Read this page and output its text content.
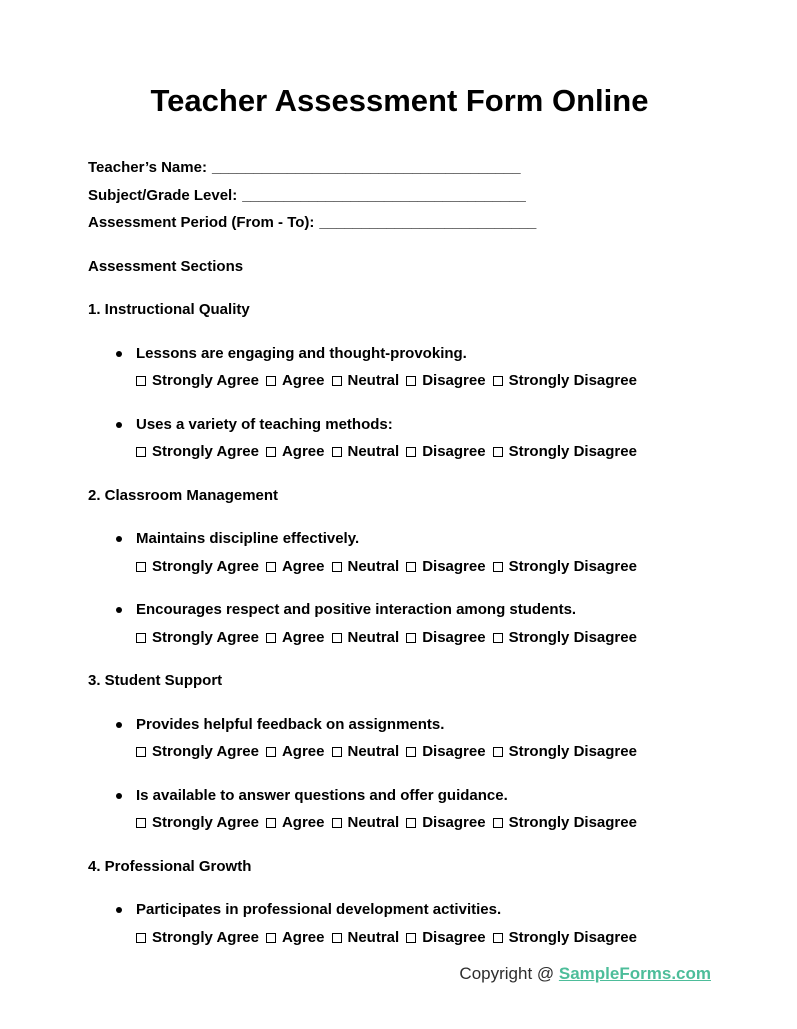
Teacher Assessment Form Online
Teacher’s Name: _____________________________________
Subject/Grade Level: __________________________________
Assessment Period (From - To): __________________________

Assessment Sections

1. Instructional Quality

Lessons are engaging and thought-provoking.
Strongly Agree Agree Neutral Disagree Strongly Disagree
Uses a variety of teaching methods:
Strongly Agree Agree Neutral Disagree Strongly Disagree

2. Classroom Management

Maintains discipline effectively.
Strongly Agree Agree Neutral Disagree Strongly Disagree
Encourages respect and positive interaction among students.
Strongly Agree Agree Neutral Disagree Strongly Disagree

3. Student Support

Provides helpful feedback on assignments.
Strongly Agree Agree Neutral Disagree Strongly Disagree
Is available to answer questions and offer guidance.
Strongly Agree Agree Neutral Disagree Strongly Disagree

4. Professional Growth

Participates in professional development activities.
Strongly Agree Agree Neutral Disagree Strongly Disagree
Copyright @ SampleForms.com
